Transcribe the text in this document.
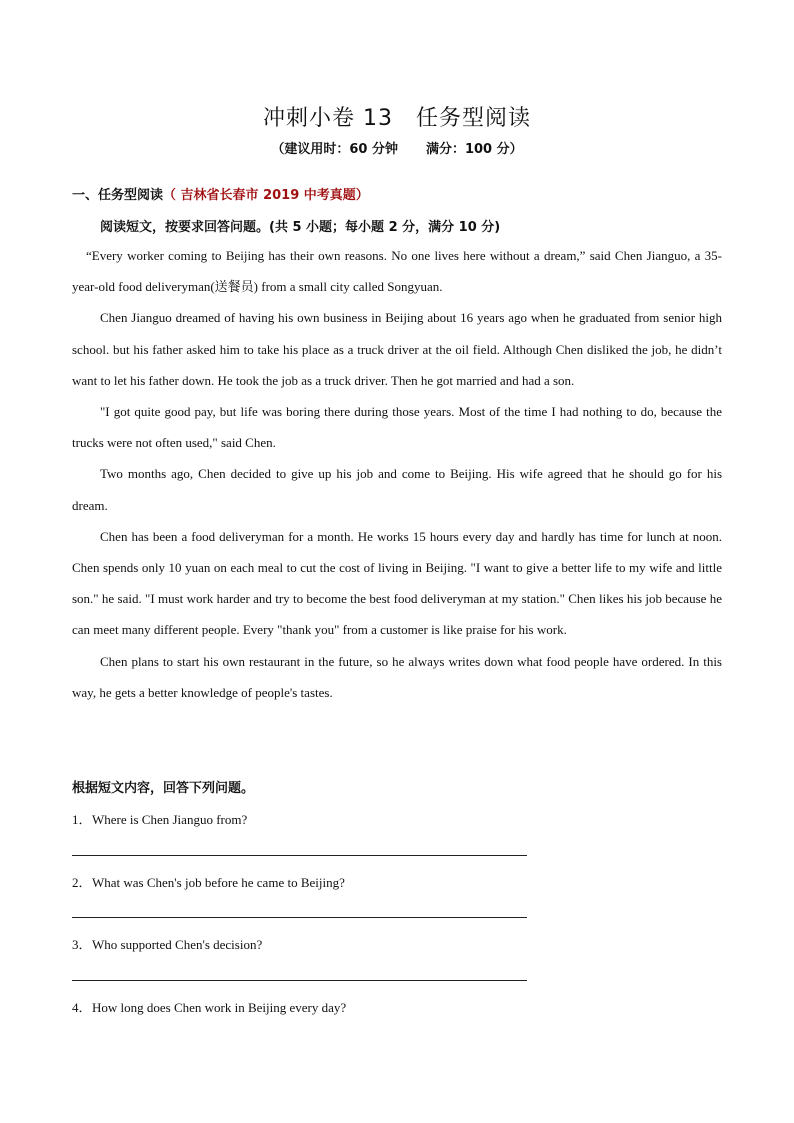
冲刺小卷 13　任务型阅读
（建议用时：60 分钟 满分：100 分）
一、任务型阅读（ 吉林省长春市 2019 中考真题）
阅读短文，按要求回答问题。(共 5 小题；每小题 2 分，满分 10 分)

“Every worker coming to Beijing has their own reasons. No one lives here without a dream,” said Chen Jianguo, a 35-year-old food deliveryman(送餐员) from a small city called Songyuan.

Chen Jianguo dreamed of having his own business in Beijing about 16 years ago when he graduated from senior high school. but his father asked him to take his place as a truck driver at the oil field. Although Chen disliked the job, he didn’t want to let his father down. He took the job as a truck driver. Then he got married and had a son.

"I got quite good pay, but life was boring there during those years. Most of the time I had nothing to do, because the trucks were not often used," said Chen.

Two months ago, Chen decided to give up his job and come to Beijing. His wife agreed that he should go for his dream.

Chen has been a food deliveryman for a month. He works 15 hours every day and hardly has time for lunch at noon. Chen spends only 10 yuan on each meal to cut the cost of living in Beijing. "I want to give a better life to my wife and little son." he said. "I must work harder and try to become the best food deliveryman at my station." Chen likes his job because he can meet many different people. Every "thank you" from a customer is like praise for his work.

Chen plans to start his own restaurant in the future, so he always writes down what food people have ordered. In this way, he gets a better knowledge of people's tastes.

根据短文内容，回答下列问题。
1．Where is Chen Jianguo from?
2．What was Chen's job before he came to Beijing?
3．Who supported Chen's decision?
4．How long does Chen work in Beijing every day?
